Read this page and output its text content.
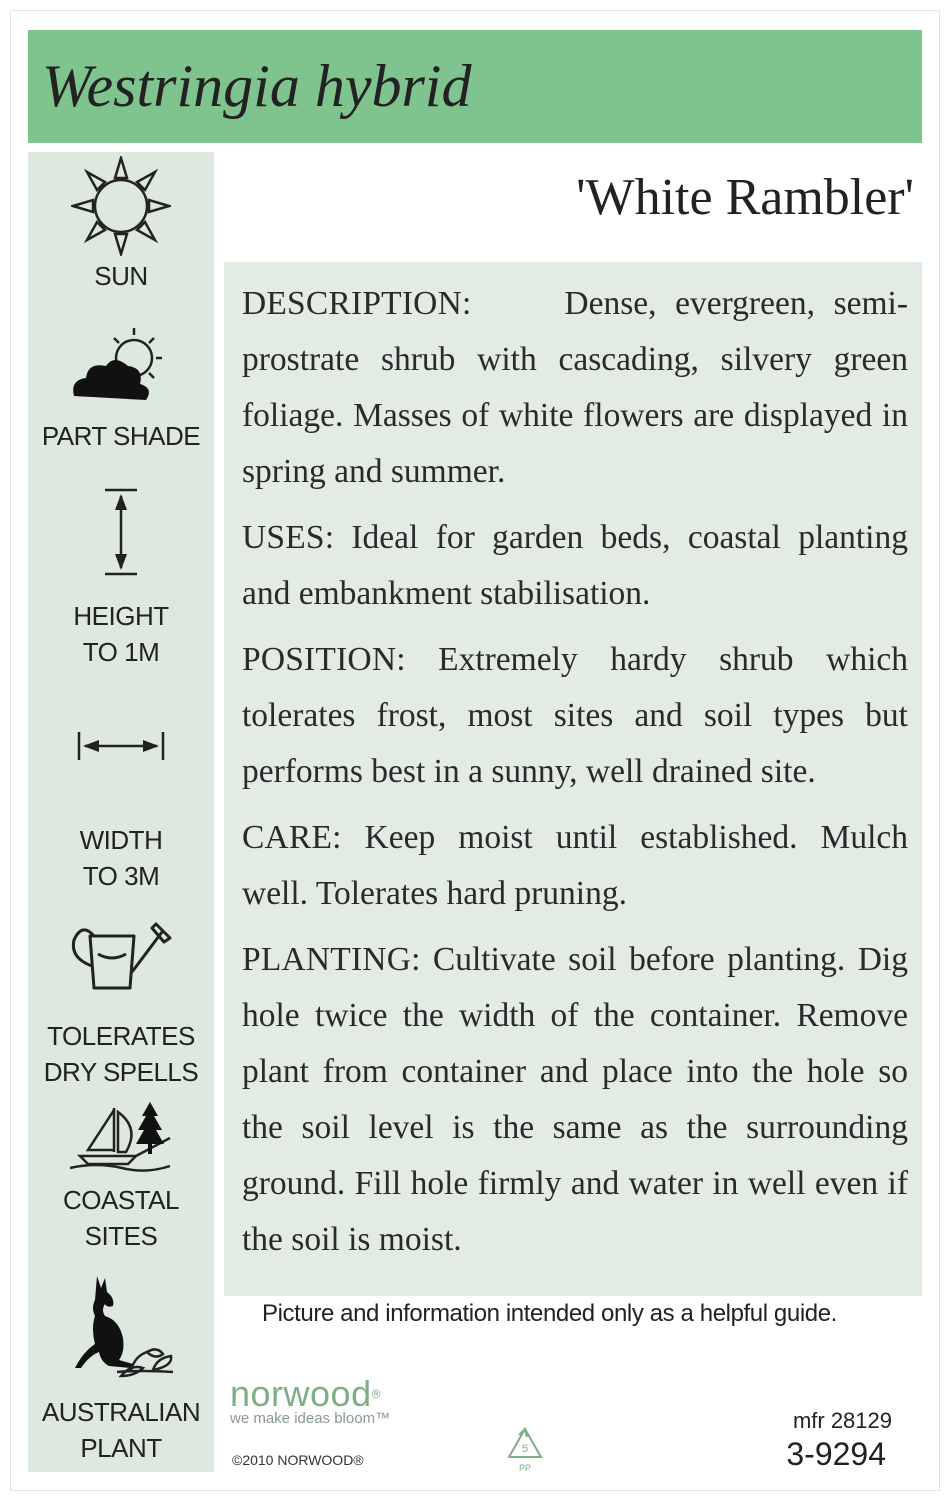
Westringia hybrid
SUN
PART SHADE
HEIGHT
TO 1M
WIDTH
TO 3M
TOLERATES
DRY SPELLS
COASTAL
SITES
AUSTRALIAN
PLANT
'White Rambler'

DESCRIPTION:     Dense, evergreen, semi-prostrate shrub with cascading, silvery green foliage. Masses of white flowers are displayed in spring and summer.

USES: Ideal for garden beds, coastal planting and embankment stabilisation.

POSITION: Extremely hardy shrub which tolerates frost, most sites and soil types but performs best in a sunny, well drained site.

CARE: Keep moist until established. Mulch well. Tolerates hard pruning.

PLANTING: Cultivate soil before planting. Dig hole twice the width of the container. Remove plant from container and place into the hole so the soil level is the same as the surrounding ground. Fill hole firmly and water in well even if the soil is moist.

Picture and information intended only as a helpful guide.
norwood®
we make ideas bloom™
©2010 NORWOOD®
5
PP
mfr 28129
3-9294
